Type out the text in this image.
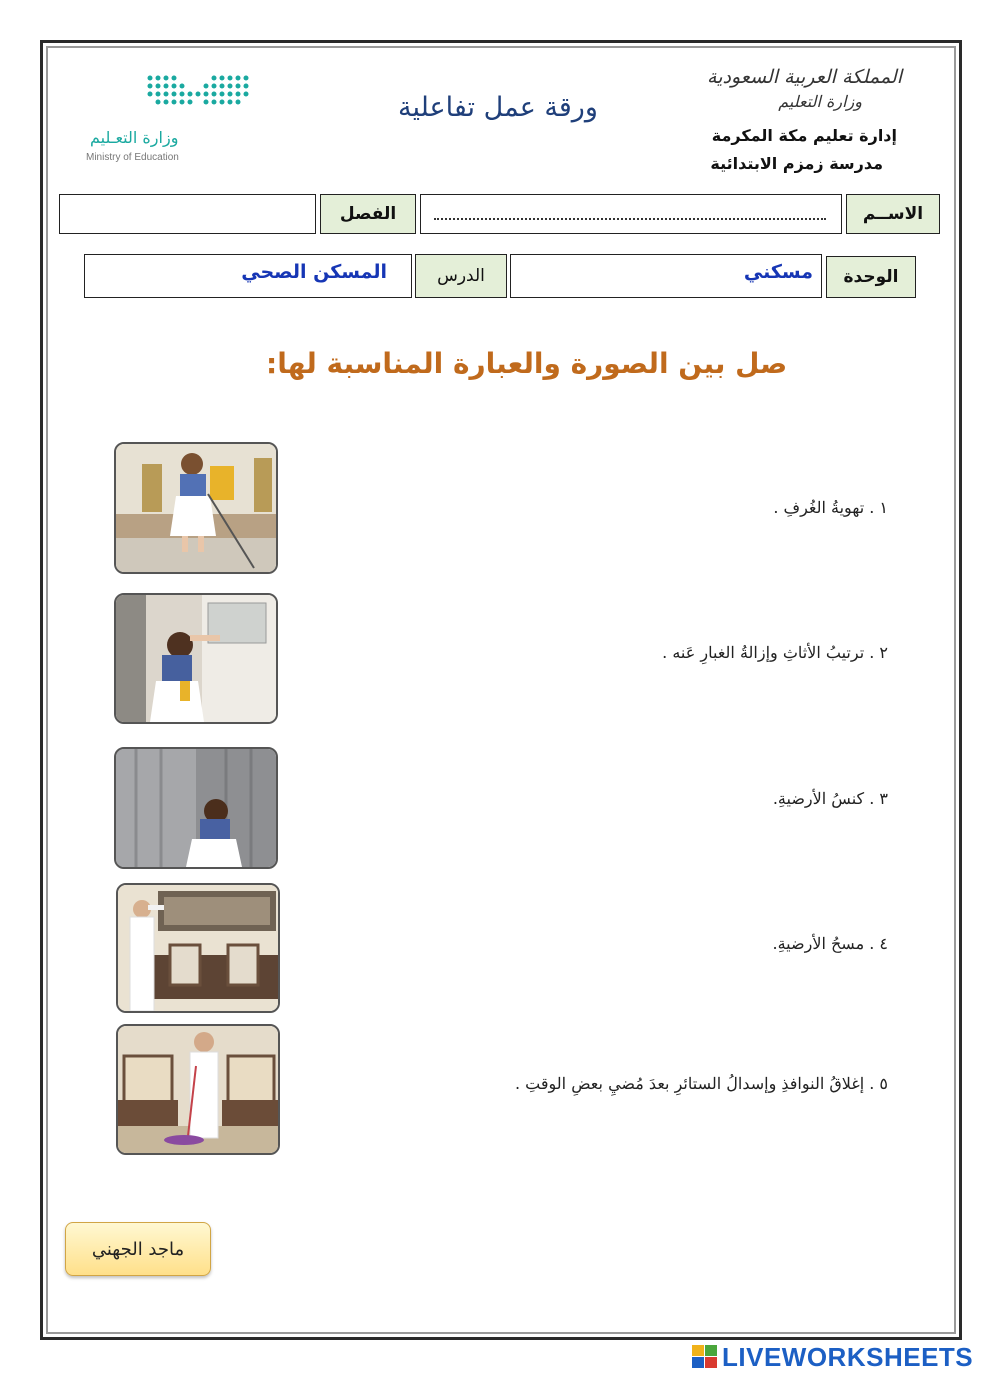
وزارة التعـليم
Ministry of Education
ورقة عمل تفاعلية
المملكة العربية السعودية
وزارة التعليم
إدارة تعليم مكة المكرمة
مدرسة زمزم الابتدائية
الاســم
الفصل
الوحدة
مسكني
الدرس
المسكن الصحي
صل بين الصورة والعبارة المناسبة لها:
١ . تهويةُ الغُرفِ .
٢ . ترتيبُ الأثاثِ وإزالةُ الغبارِ عَنه .
٣ . كنسُ الأرضيةِ.
٤ . مسحُ الأرضيةِ.
٥ . إغلاقُ النوافذِ وإسدالُ الستائرِ بعدَ مُضيِ بعضِ الوقتِ .
ماجد الجهني
LIVEWORKSHEETS
